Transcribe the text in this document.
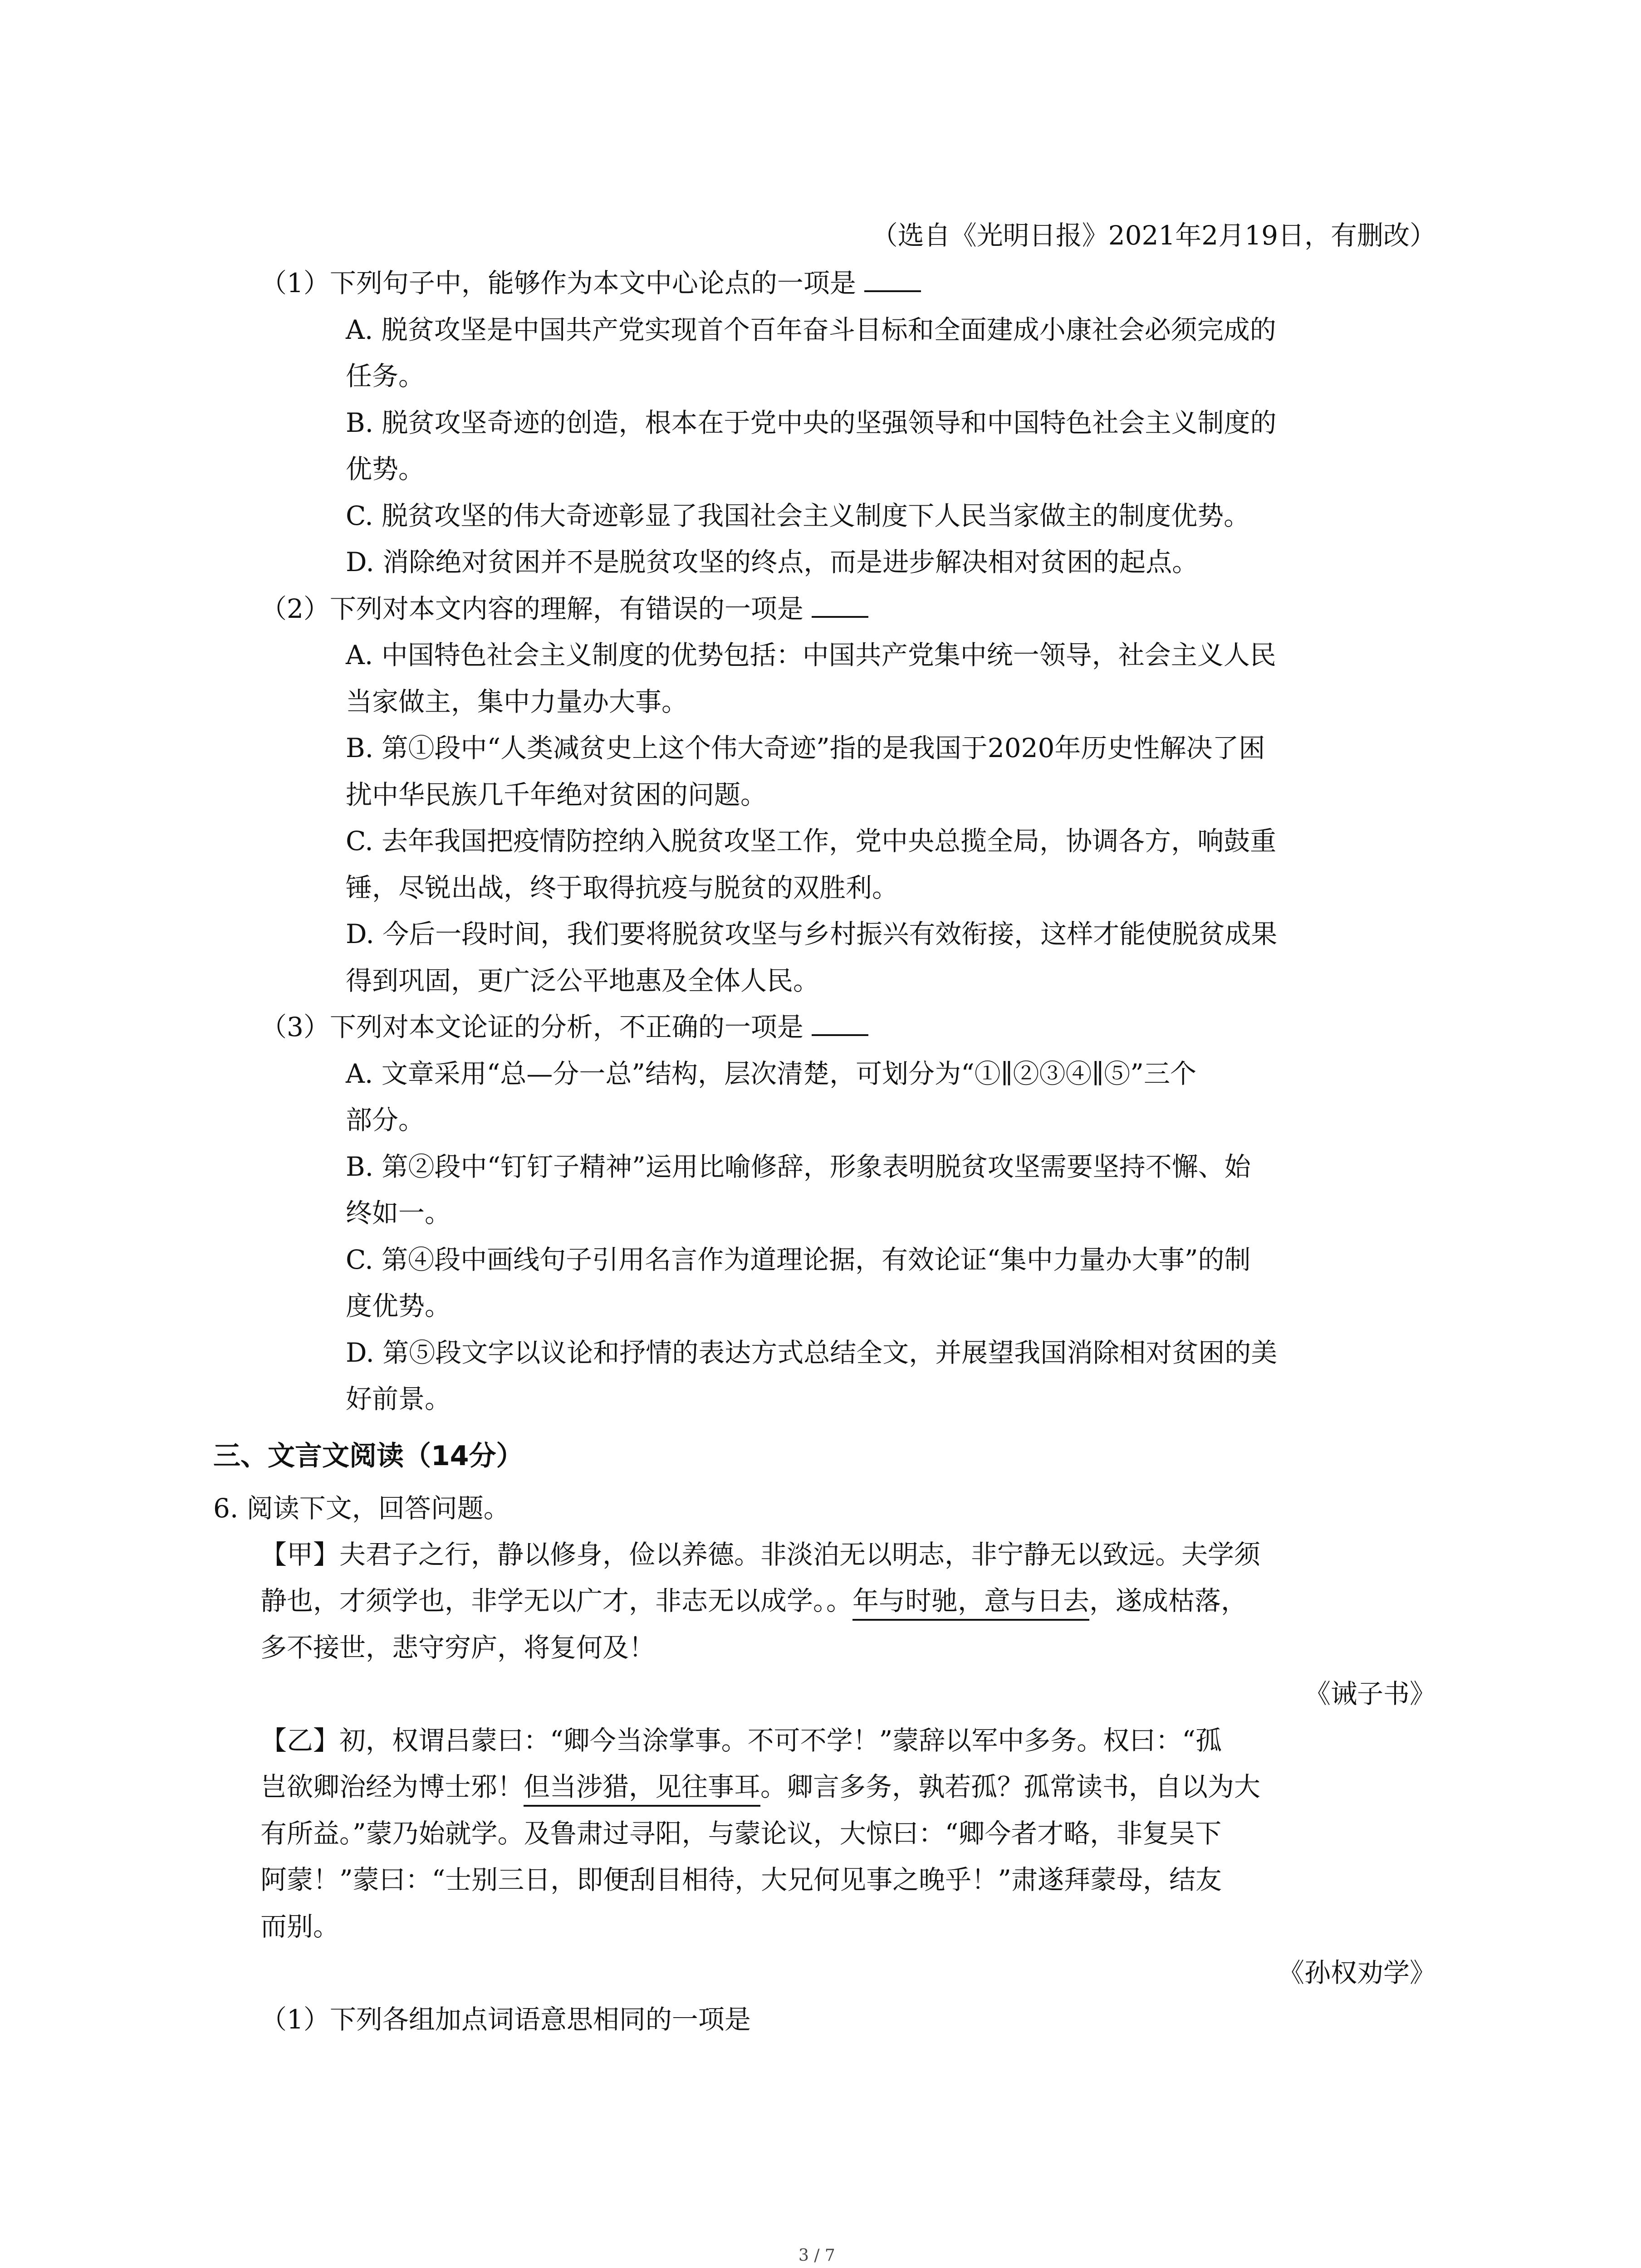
（选自《光明日报》2021年2月19日，有删改）
（1）下列句子中，能够作为本文中心论点的一项是
A. 脱贫攻坚是中国共产党实现首个百年奋斗目标和全面建成小康社会必须完成的
任务。
B. 脱贫攻坚奇迹的创造，根本在于党中央的坚强领导和中国特色社会主义制度的
优势。
C. 脱贫攻坚的伟大奇迹彰显了我国社会主义制度下人民当家做主的制度优势。
D. 消除绝对贫困并不是脱贫攻坚的终点，而是进步解决相对贫困的起点。
（2）下列对本文内容的理解，有错误的一项是
A. 中国特色社会主义制度的优势包括：中国共产党集中统一领导，社会主义人民
当家做主，集中力量办大事。
B. 第①段中“人类减贫史上这个伟大奇迹”指的是我国于2020年历史性解决了困
扰中华民族几千年绝对贫困的问题。
C. 去年我国把疫情防控纳入脱贫攻坚工作，党中央总揽全局，协调各方，响鼓重
锤，尽锐出战，终于取得抗疫与脱贫的双胜利。
D. 今后一段时间，我们要将脱贫攻坚与乡村振兴有效衔接，这样才能使脱贫成果
得到巩固，更广泛公平地惠及全体人民。
（3）下列对本文论证的分析，不正确的一项是
A. 文章采用“总—分一总”结构，层次清楚，可划分为“①∥②③④∥⑤”三个
部分。
B. 第②段中“钉钉子精神”运用比喻修辞，形象表明脱贫攻坚需要坚持不懈、始
终如一。
C. 第④段中画线句子引用名言作为道理论据，有效论证“集中力量办大事”的制
度优势。
D. 第⑤段文字以议论和抒情的表达方式总结全文，并展望我国消除相对贫困的美
好前景。
三、文言文阅读（14分）
6. 阅读下文，回答问题。
【甲】夫君子之行，静以修身，俭以养德。非淡泊无以明志，非宁静无以致远。夫学须
静也，才须学也，非学无以广才，非志无以成学。。年与时驰，意与日去，遂成枯落，
多不接世，悲守穷庐，将复何及！
《诫子书》
【乙】初，权谓吕蒙曰：“卿今当涂掌事。不可不学！”蒙辞以军中多务。权曰：“孤
岂欲卿治经为博士邪！但当涉猎，见往事耳。卿言多务，孰若孤？孤常读书，自以为大
有所益。”蒙乃始就学。及鲁肃过寻阳，与蒙论议，大惊曰：“卿今者才略，非复吴下
阿蒙！”蒙曰：“士别三日，即便刮目相待，大兄何见事之晚乎！”肃遂拜蒙母，结友
而别。
《孙权劝学》
（1）下列各组加点词语意思相同的一项是
3 / 7
